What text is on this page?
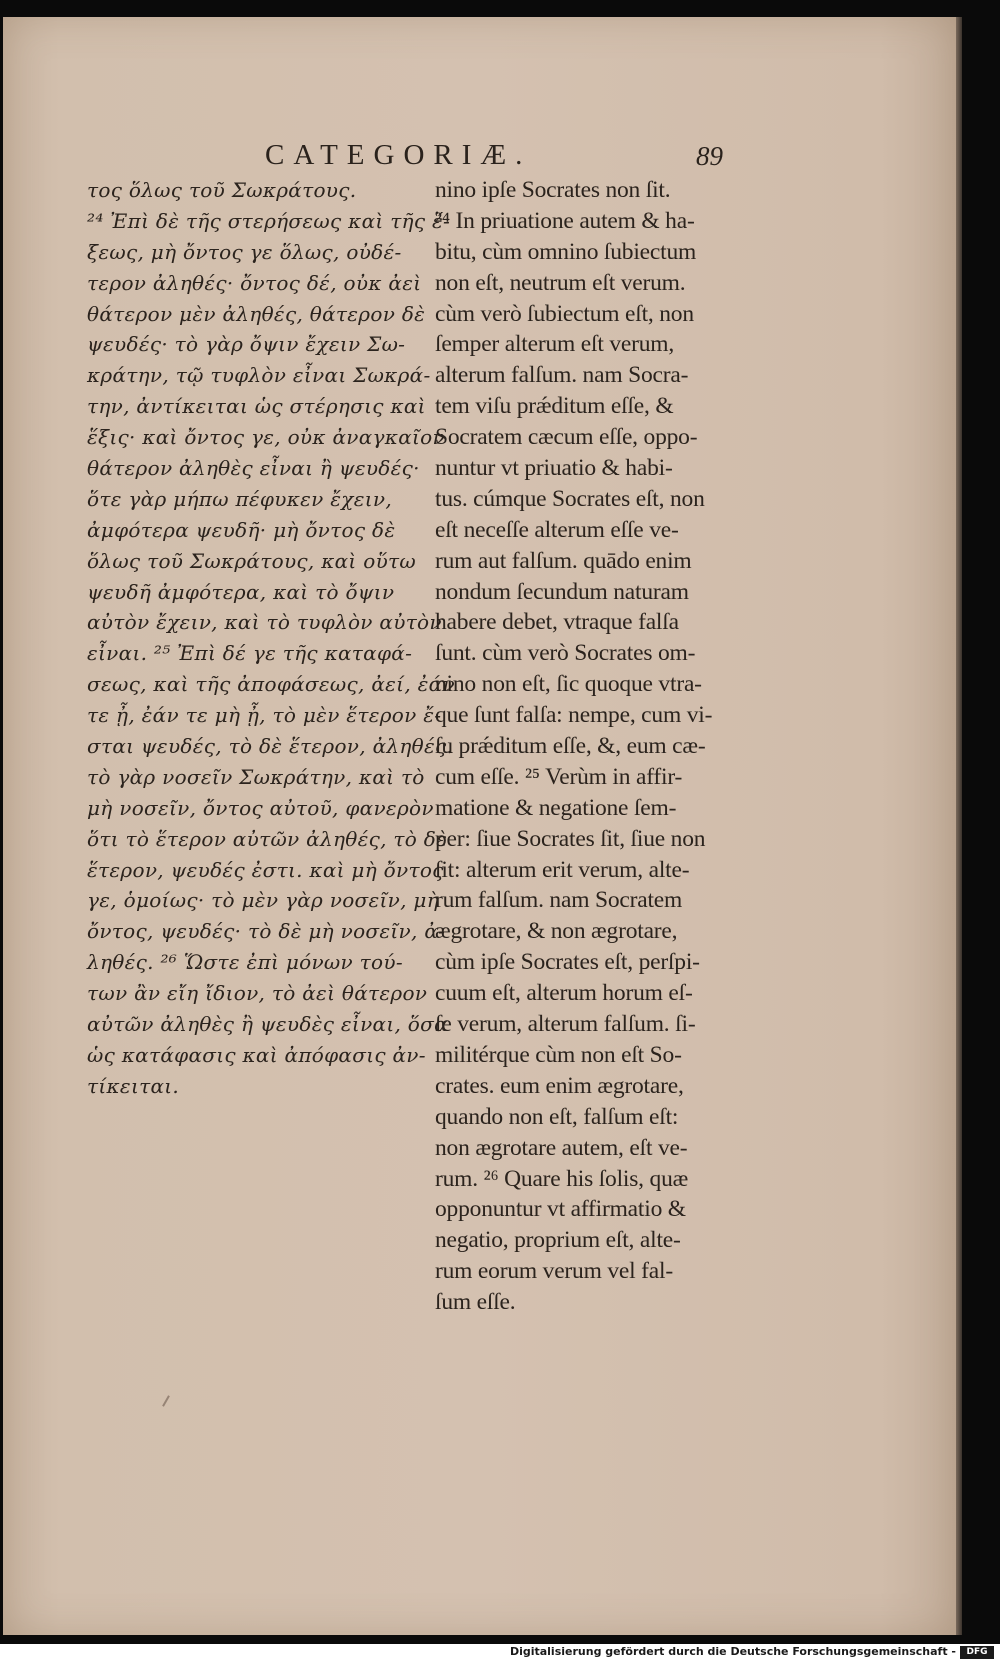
CATEGORIÆ.	89
τος ὅλως τοῦ Σωκράτους.
²⁴ Ἐπὶ δὲ τῆς στερήσεως καὶ τῆς ἕ-
ξεως, μὴ ὄντος γε ὅλως, οὐδέ-
τερον ἀληθές· ὄντος δέ, οὐκ ἀεὶ
θάτερον μὲν ἀληθές, θάτερον δὲ
ψευδές· τὸ γὰρ ὄψιν ἔχειν Σω-
κράτην, τῷ τυφλὸν εἶναι Σωκρά-
την, ἀντίκειται ὡς στέρησις καὶ
ἕξις· καὶ ὄντος γε, οὐκ ἀναγκαῖον
θάτερον ἀληθὲς εἶναι ἢ ψευδές·
ὅτε γὰρ μήπω πέφυκεν ἔχειν,
ἀμφότερα ψευδῆ· μὴ ὄντος δὲ
ὅλως τοῦ Σωκράτους, καὶ οὕτω
ψευδῆ ἀμφότερα, καὶ τὸ ὄψιν
αὐτὸν ἔχειν, καὶ τὸ τυφλὸν αὐτὸν
εἶναι. ²⁵ Ἐπὶ δέ γε τῆς καταφά-
σεως, καὶ τῆς ἀποφάσεως, ἀεί, ἐάν
τε ᾖ, ἐάν τε μὴ ᾖ, τὸ μὲν ἕτερον ἔ-
σται ψευδές, τὸ δὲ ἕτερον, ἀληθές.
τὸ γὰρ νοσεῖν Σωκράτην, καὶ τὸ
μὴ νοσεῖν, ὄντος αὐτοῦ, φανερὸν
ὅτι τὸ ἕτερον αὐτῶν ἀληθές, τὸ δὲ
ἕτερον, ψευδές ἐστι. καὶ μὴ ὄντος
γε, ὁμοίως· τὸ μὲν γὰρ νοσεῖν, μὴ
ὄντος, ψευδές· τὸ δὲ μὴ νοσεῖν, ἀ-
ληθές. ²⁶ Ὥστε ἐπὶ μόνων τού-
των ἂν εἴη ἴδιον, τὸ ἀεὶ θάτερον
αὐτῶν ἀληθὲς ἢ ψευδὲς εἶναι, ὅσα
ὡς κατάφασις καὶ ἀπόφασις ἀν-
τίκειται.
nino ipſe Socrates non ſit.
²⁴ In priuatione autem & ha-
bitu, cùm omnino ſubiectum
non eſt, neutrum eſt verum.
cùm verò ſubiectum eſt, non
ſemper alterum eſt verum,
alterum falſum. nam Socra-
tem viſu prǽditum eſſe, &
Socratem cæcum eſſe, oppo-
nuntur vt priuatio & habi-
tus. cúmque Socrates eſt, non
eſt neceſſe alterum eſſe ve-
rum aut falſum. quādo enim
nondum ſecundum naturam
habere debet, vtraque falſa
ſunt. cùm verò Socrates om-
nino non eſt, ſic quoque vtra-
que ſunt falſa: nempe, cum vi-
ſu prǽditum eſſe, &, eum cæ-
cum eſſe. ²⁵ Verùm in affir-
matione & negatione ſem-
per: ſiue Socrates ſit, ſiue non
ſit: alterum erit verum, alte-
rum falſum. nam Socratem
ægrotare, & non ægrotare,
cùm ipſe Socrates eſt, perſpi-
cuum eſt, alterum horum eſ-
ſe verum, alterum falſum. ſi-
militérque cùm non eſt So-
crates. eum enim ægrotare,
quando non eſt, falſum eſt:
non ægrotare autem, eſt ve-
rum. ²⁶ Quare his ſolis, quæ
opponuntur vt affirmatio &
negatio, proprium eſt, alte-
rum eorum verum vel fal-
ſum eſſe.
Digitalisierung gefördert durch die Deutsche Forschungsgemeinschaft -	DFG
